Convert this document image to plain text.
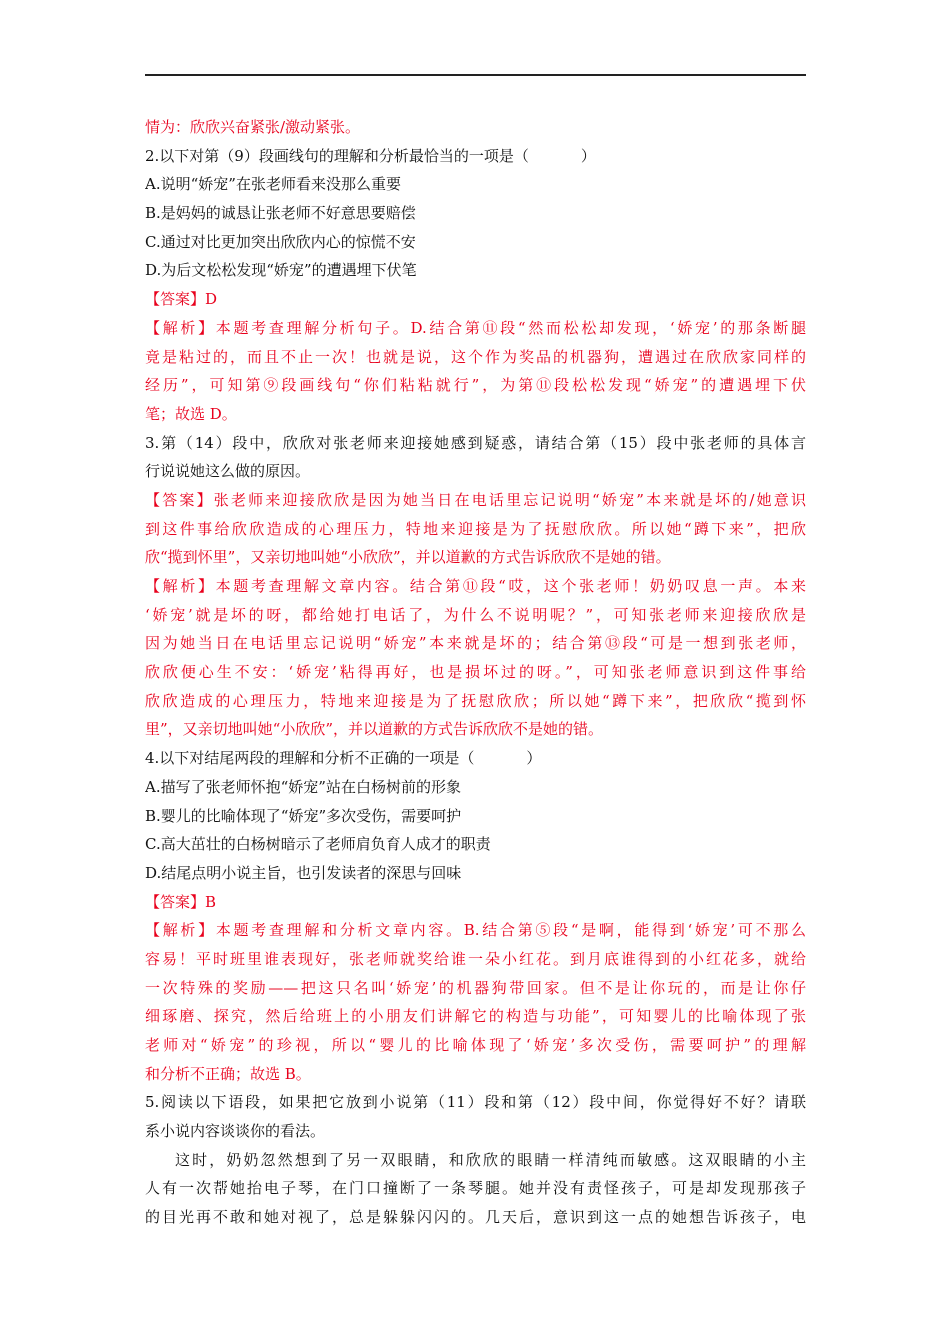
情为：欣欣兴奋紧张/激动紧张。
2.以下对第（9）段画线句的理解和分析最恰当的一项是（	）
A.说明“娇宠”在张老师看来没那么重要
B.是妈妈的诚恳让张老师不好意思要赔偿
C.通过对比更加突出欣欣内心的惊慌不安
D.为后文松松发现“娇宠”的遭遇埋下伏笔
【答案】D
【解析】本题考查理解分析句子。D.结合第⑪段“然而松松却发现，‘娇宠’的那条断腿
竟是粘过的，而且不止一次！也就是说，这个作为奖品的机器狗，遭遇过在欣欣家同样的
经历”，可知第⑨段画线句“你们粘粘就行”，为第⑪段松松发现“娇宠”的遭遇埋下伏
笔；故选 D。
3.第（14）段中，欣欣对张老师来迎接她感到疑惑，请结合第（15）段中张老师的具体言
行说说她这么做的原因。
【答案】张老师来迎接欣欣是因为她当日在电话里忘记说明“娇宠”本来就是坏的/她意识
到这件事给欣欣造成的心理压力，特地来迎接是为了抚慰欣欣。所以她“蹲下来”，把欣
欣“揽到怀里”，又亲切地叫她“小欣欣”，并以道歉的方式告诉欣欣不是她的错。
【解析】本题考查理解文章内容。结合第⑪段“哎，这个张老师！奶奶叹息一声。本来
‘娇宠’就是坏的呀，都给她打电话了，为什么不说明呢？”，可知张老师来迎接欣欣是
因为她当日在电话里忘记说明“娇宠”本来就是坏的；结合第⑬段“可是一想到张老师，
欣欣便心生不安：‘娇宠’粘得再好，也是损坏过的呀。”，可知张老师意识到这件事给
欣欣造成的心理压力，特地来迎接是为了抚慰欣欣；所以她“蹲下来”，把欣欣“揽到怀
里”，又亲切地叫她“小欣欣”，并以道歉的方式告诉欣欣不是她的错。
4.以下对结尾两段的理解和分析不正确的一项是（	）
A.描写了张老师怀抱“娇宠”站在白杨树前的形象
B.婴儿的比喻体现了“娇宠”多次受伤，需要呵护
C.高大茁壮的白杨树暗示了老师肩负育人成才的职责
D.结尾点明小说主旨，也引发读者的深思与回味
【答案】B
【解析】本题考查理解和分析文章内容。B.结合第⑤段“是啊，能得到‘娇宠’可不那么
容易！平时班里谁表现好，张老师就奖给谁一朵小红花。到月底谁得到的小红花多，就给
一次特殊的奖励——把这只名叫‘娇宠’的机器狗带回家。但不是让你玩的，而是让你仔
细琢磨、探究，然后给班上的小朋友们讲解它的构造与功能”，可知婴儿的比喻体现了张
老师对“娇宠”的珍视，所以“婴儿的比喻体现了‘娇宠’多次受伤，需要呵护”的理解
和分析不正确；故选 B。
5.阅读以下语段，如果把它放到小说第（11）段和第（12）段中间，你觉得好不好？请联
系小说内容谈谈你的看法。
这时，奶奶忽然想到了另一双眼睛，和欣欣的眼睛一样清纯而敏感。这双眼睛的小主
人有一次帮她抬电子琴，在门口撞断了一条琴腿。她并没有责怪孩子，可是却发现那孩子
的目光再不敢和她对视了，总是躲躲闪闪的。几天后，意识到这一点的她想告诉孩子，电
